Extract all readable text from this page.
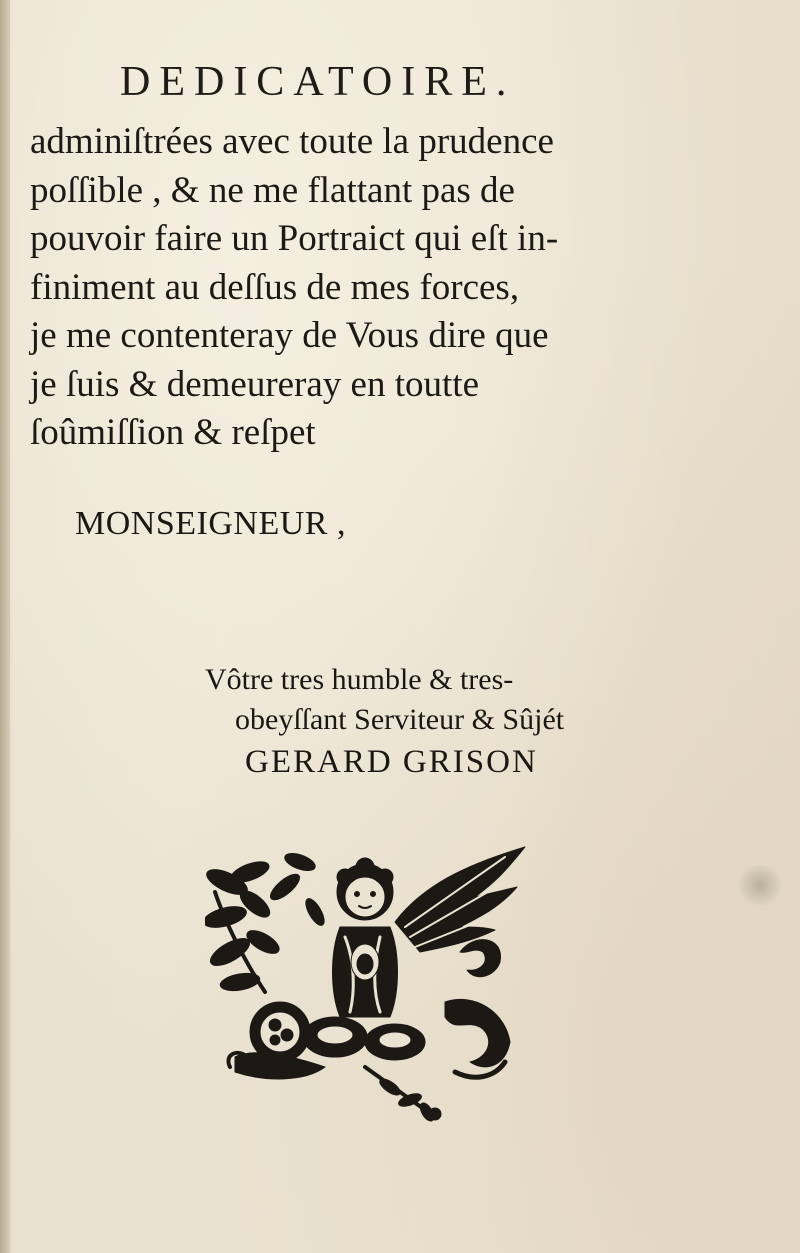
DEDICATOIRE.
adminiſtrées avec toute la prudence
poſſible , & ne me flattant pas de
pouvoir faire un Portraict qui eſt in-
finiment au deſſus de mes forces,
je me contenteray de Vous dire que
je ſuis & demeureray en toutte
ſoûmiſſion & reſpet
MONSEIGNEUR ,
Vôtre tres humble & tres-
obeyſſant Serviteur & Sûjét
GERARD GRISON
